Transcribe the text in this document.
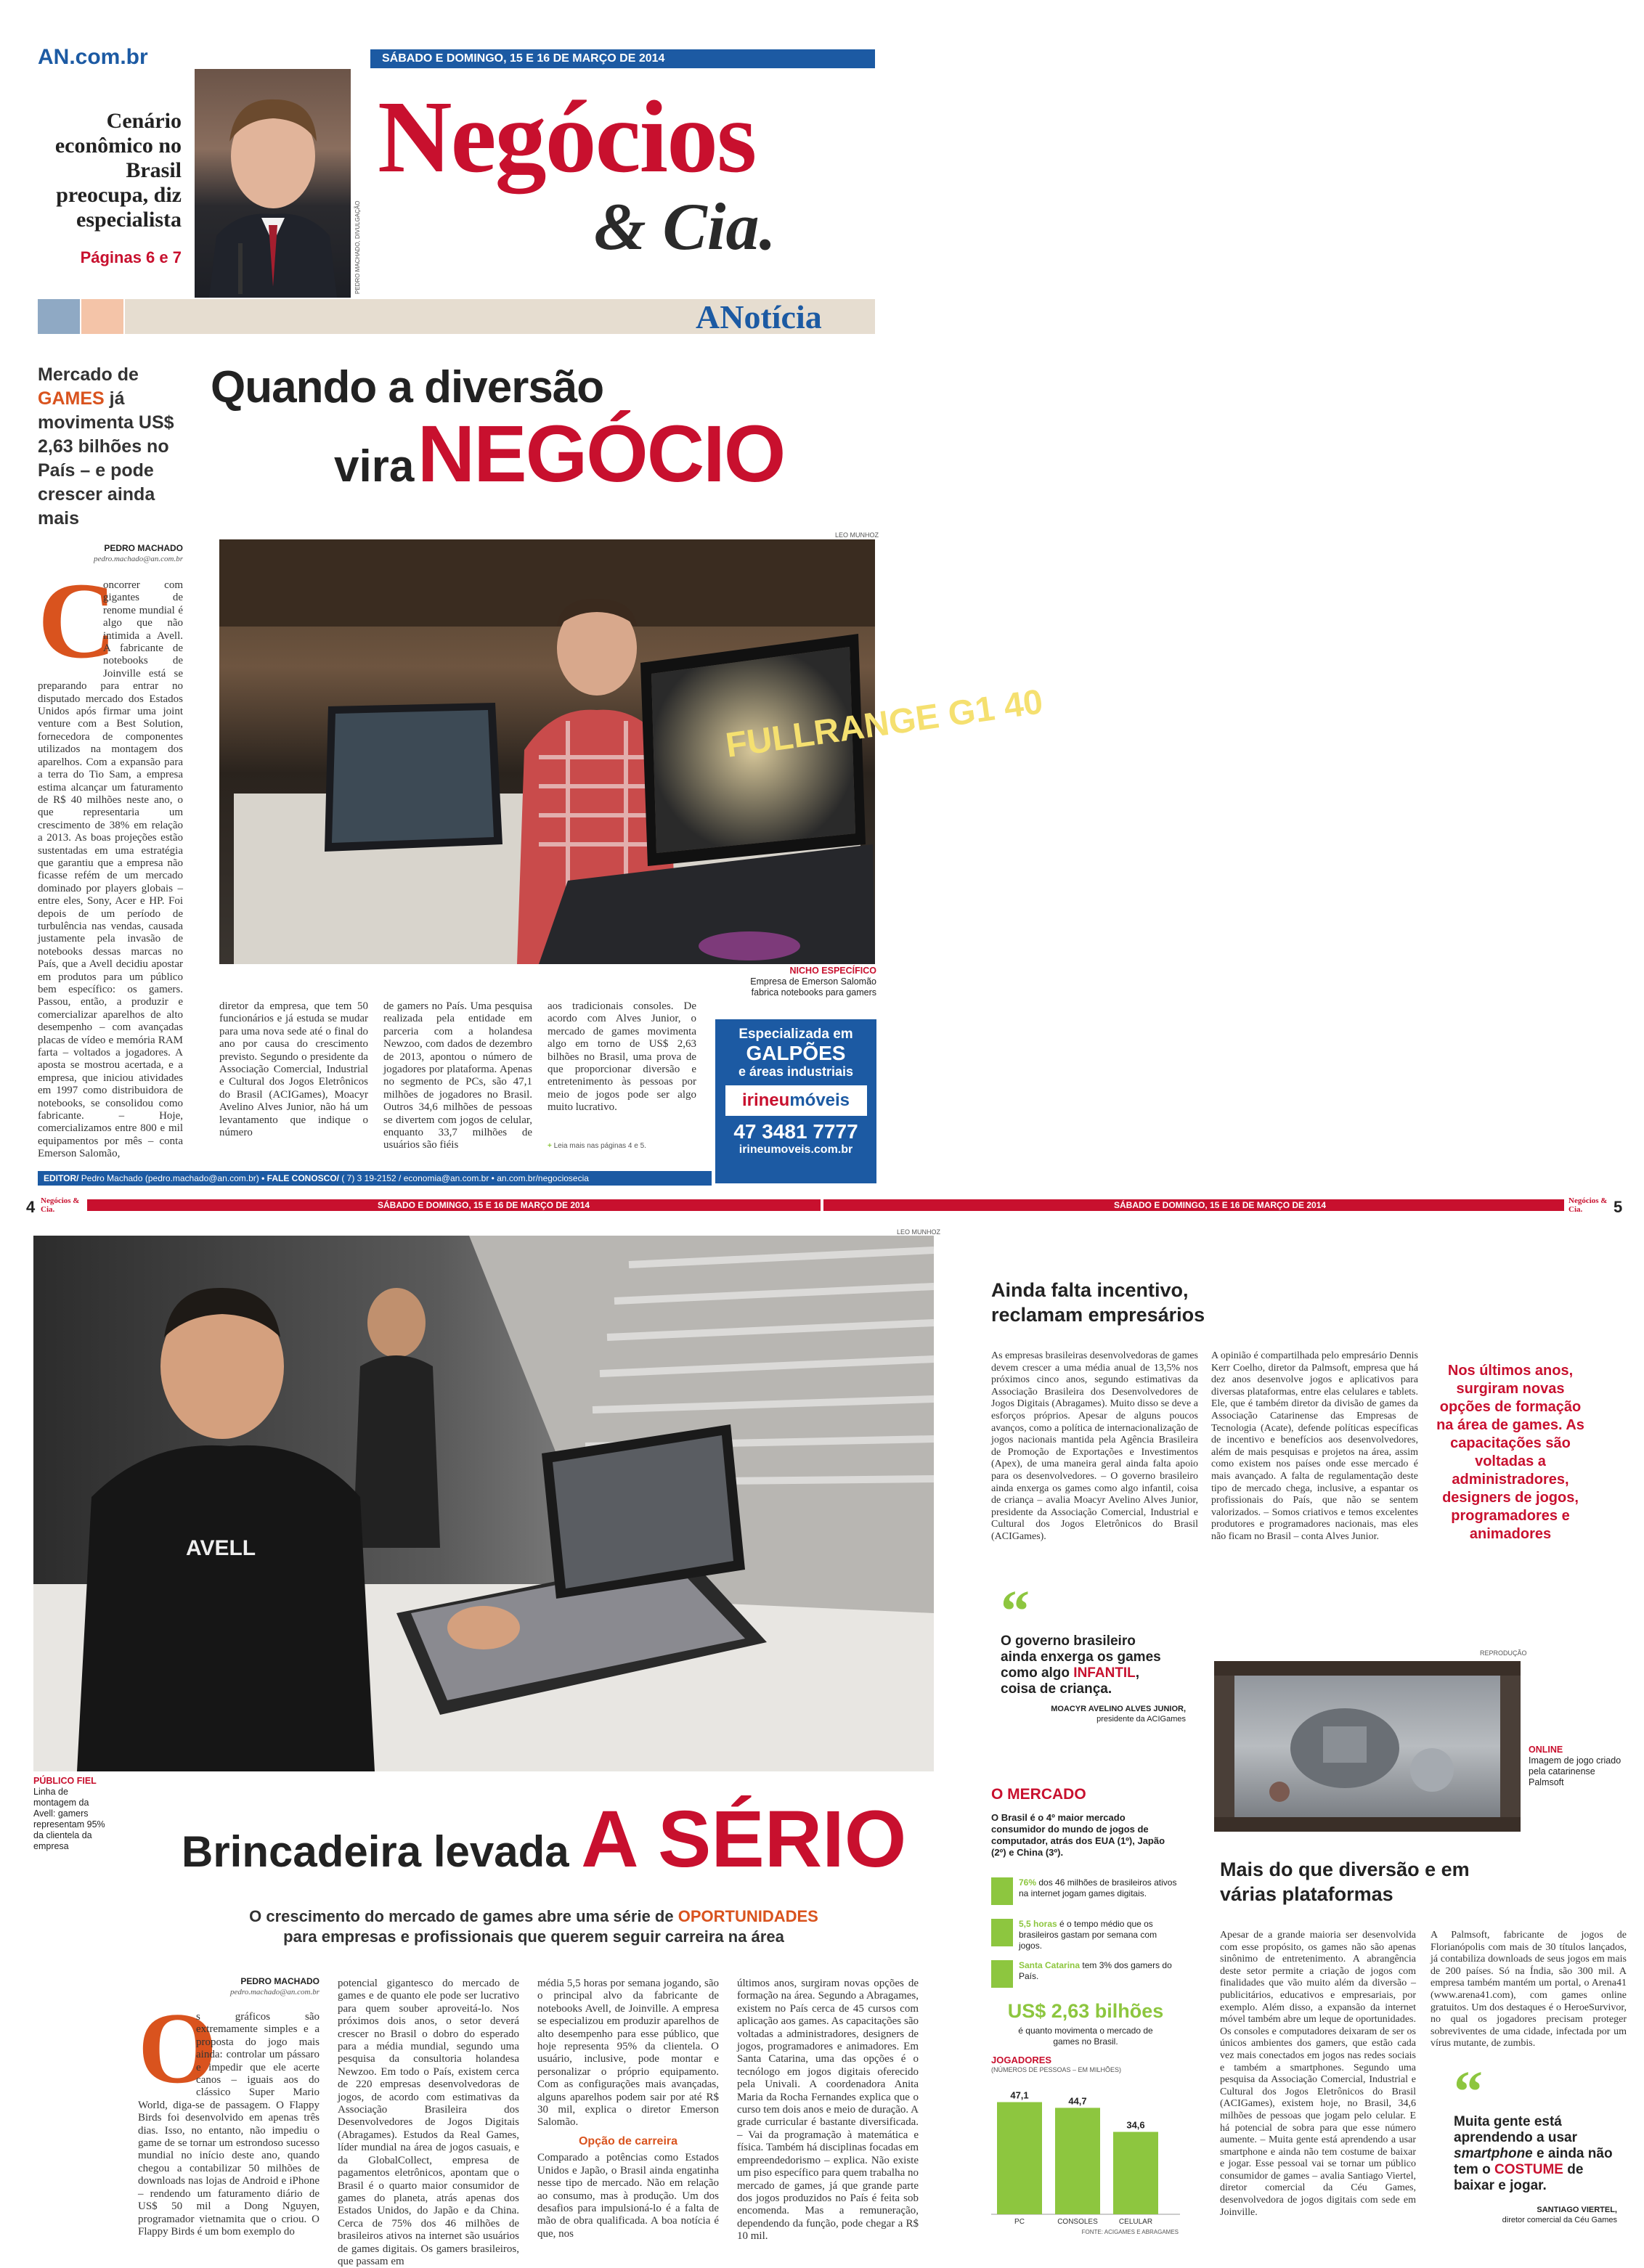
AN.com.br	SÁBADO E DOMINGO, 15 E 16 DE MARÇO DE 2014
Cenário econômico no Brasil preocupa, diz especialista
Páginas 6 e 7	PEDRO MACHADO, DIVULGAÇÃO
Negócios
& Cia.
ANotícia
Mercado de GAMES já movimenta US$ 2,63 bilhões no País – e pode crescer ainda mais
Quando a diversão
vira NEGÓCIO
PEDRO MACHADO
pedro.machado@an.com.br
C
oncorrer com gigantes de renome mundial é algo que não intimida a Avell. A fabricante de notebooks de Joinville está se preparando para entrar no disputado mercado dos Estados Unidos após firmar uma joint venture com a Best Solution, fornecedora de componentes utilizados na montagem dos aparelhos. Com a expansão para a terra do Tio Sam, a empresa estima alcançar um faturamento de R$ 40 milhões neste ano, o que representaria um crescimento de 38% em relação a 2013. As boas projeções estão sustentadas em uma estratégia que garantiu que a empresa não ficasse refém de um mercado dominado por players globais – entre eles, Sony, Acer e HP. Foi depois de um período de turbulência nas vendas, causada justamente pela invasão de notebooks dessas marcas no País, que a Avell decidiu apostar em produtos para um público bem específico: os gamers. Passou, então, a produzir e comercializar aparelhos de alto desempenho – com avançadas placas de vídeo e memória RAM farta – voltados a jogadores. A aposta se mostrou acertada, e a empresa, que iniciou atividades em 1997 como distribuidora de notebooks, se consolidou como fabricante. – Hoje, comercializamos entre 800 e mil equipamentos por mês – conta Emerson Salomão,
LEO MUNHOZ
FULLRANGE G1 40
NICHO ESPECÍFICO
Empresa de Emerson Salomão fabrica notebooks para gamers
diretor da empresa, que tem 50 funcionários e já estuda se mudar para uma nova sede até o final do ano por causa do crescimento previsto. Segundo o presidente da Associação Comercial, Industrial e Cultural dos Jogos Eletrônicos do Brasil (ACIGames), Moacyr Avelino Alves Junior, não há um levantamento que indique o número
de gamers no País. Uma pesquisa realizada pela entidade em parceria com a holandesa Newzoo, com dados de dezembro de 2013, apontou o número de jogadores por plataforma. Apenas no segmento de PCs, são 47,1 milhões de jogadores no Brasil. Outros 34,6 milhões de pessoas se divertem com jogos de celular, enquanto 33,7 milhões de usuários são fiéis
aos tradicionais consoles. De acordo com Alves Junior, o mercado de games movimenta algo em torno de US$ 2,63 bilhões no Brasil, uma prova de que proporcionar diversão e entretenimento às pessoas por meio de jogos pode ser algo muito lucrativo.
+ Leia mais nas páginas 4 e 5.
Especializada em
GALPÕES
e áreas industriais
irineumóveis
47 3481 7777
irineumoveis.com.br
EDITOR/ Pedro Machado (pedro.machado@an.com.br) • FALE CONOSCO/ ( 7) 3 19-2152 / economia@an.com.br • an.com.br/negociosecia
4 Negócios & Cia.	SÁBADO E DOMINGO, 15 E 16 DE MARÇO DE 2014	SÁBADO E DOMINGO, 15 E 16 DE MARÇO DE 2014	Negócios & Cia.	5
LEO MUNHOZ
AVELL
PÚBLICO FIEL
Linha de montagem da Avell: gamers representam 95% da clientela da empresa	Brincadeira levada A SÉRIO
O crescimento do mercado de games abre uma série de OPORTUNIDADES para empresas e profissionais que querem seguir carreira na área
PEDRO MACHADO
pedro.machado@an.com.br
O
s gráficos são extremamente simples e a proposta do jogo mais ainda: controlar um pássaro e impedir que ele acerte canos – iguais aos do clássico Super Mario World, diga-se de passagem. O Flappy Birds foi desenvolvido em apenas três dias. Isso, no entanto, não impediu o game de se tornar um estrondoso sucesso mundial no início deste ano, quando chegou a contabilizar 50 milhões de downloads nas lojas de Android e iPhone – rendendo um faturamento diário de US$ 50 mil a Dong Nguyen, programador vietnamita que o criou. O Flappy Birds é um bom exemplo do
potencial gigantesco do mercado de games e de quanto ele pode ser lucrativo para quem souber aproveitá-lo. Nos próximos dois anos, o setor deverá crescer no Brasil o dobro do esperado para a média mundial, segundo uma pesquisa da consultoria holandesa Newzoo. Em todo o País, existem cerca de 220 empresas desenvolvedoras de jogos, de acordo com estimativas da Associação Brasileira dos Desenvolvedores de Jogos Digitais (Abragames). Estudos da Real Games, líder mundial na área de jogos casuais, e da GlobalCollect, empresa de pagamentos eletrônicos, apontam que o Brasil é o quarto maior consumidor de games do planeta, atrás apenas dos Estados Unidos, do Japão e da China. Cerca de 75% dos 46 milhões de brasileiros ativos na internet são usuários de games digitais. Os gamers brasileiros, que passam em
média 5,5 horas por semana jogando, são o principal alvo da fabricante de notebooks Avell, de Joinville. A empresa se especializou em produzir aparelhos de alto desempenho para esse público, que hoje representa 95% da clientela. O usuário, inclusive, pode montar e personalizar o próprio equipamento. Com as configurações mais avançadas, alguns aparelhos podem sair por até R$ 30 mil, explica o diretor Emerson Salomão.
Opção de carreira
Comparado a potências como Estados Unidos e Japão, o Brasil ainda engatinha nesse tipo de mercado. Não em relação ao consumo, mas à produção. Um dos desafios para impulsioná-lo é a falta de mão de obra qualificada. A boa notícia é que, nos
últimos anos, surgiram novas opções de formação na área. Segundo a Abragames, existem no País cerca de 45 cursos com aplicação aos games. As capacitações são voltadas a administradores, designers de jogos, programadores e animadores. Em Santa Catarina, uma das opções é o tecnólogo em jogos digitais oferecido pela Univali. A coordenadora Anita Maria da Rocha Fernandes explica que o curso tem dois anos e meio de duração. A grade curricular é bastante diversificada. – Vai da programação à matemática e física. Também há disciplinas focadas em empreendedorismo – explica. Não existe um piso específico para quem trabalha no mercado de games, já que grande parte dos jogos produzidos no País é feita sob encomenda. Mas a remuneração, dependendo da função, pode chegar a R$ 10 mil.
Ainda falta incentivo, reclamam empresários
As empresas brasileiras desenvolvedoras de games devem crescer a uma média anual de 13,5% nos próximos cinco anos, segundo estimativas da Associação Brasileira dos Desenvolvedores de Jogos Digitais (Abragames). Muito disso se deve a esforços próprios. Apesar de alguns poucos avanços, como a política de internacionalização de jogos nacionais mantida pela Agência Brasileira de Promoção de Exportações e Investimentos (Apex), de uma maneira geral ainda falta apoio para os desenvolvedores. – O governo brasileiro ainda enxerga os games como algo infantil, coisa de criança – avalia Moacyr Avelino Alves Junior, presidente da Associação Comercial, Industrial e Cultural dos Jogos Eletrônicos do Brasil (ACIGames).
A opinião é compartilhada pelo empresário Dennis Kerr Coelho, diretor da Palmsoft, empresa que há dez anos desenvolve jogos e aplicativos para diversas plataformas, entre elas celulares e tablets. Ele, que é também diretor da divisão de games da Associação Catarinense das Empresas de Tecnologia (Acate), defende políticas específicas de incentivo e benefícios aos desenvolvedores, além de mais pesquisas e projetos na área, assim como existem nos países onde esse mercado é mais avançado. A falta de regulamentação deste tipo de mercado chega, inclusive, a espantar os profissionais do País, que não se sentem valorizados. – Somos criativos e temos excelentes produtores e programadores nacionais, mas eles não ficam no Brasil – conta Alves Junior.
Nos últimos anos, surgiram novas opções de formação na área de games. As capacitações são voltadas a administradores, designers de jogos, programadores e animadores
“
O governo brasileiro ainda enxerga os games como algo INFANTIL, coisa de criança.
MOACYR AVELINO ALVES JUNIOR,
presidente da ACIGames
REPRODUÇÃO
ONLINE
Imagem de jogo criado pela catarinense Palmsoft
O MERCADO
O Brasil é o 4º maior mercado consumidor do mundo de jogos de computador, atrás dos EUA (1º), Japão (2º) e China (3º).
76% dos 46 milhões de brasileiros ativos na internet jogam games digitais.
5,5 horas é o tempo médio que os brasileiros gastam por semana com jogos.
Santa Catarina tem 3% dos gamers do País.
US$ 2,63 bilhões
é quanto movimenta o mercado de games no Brasil.
JOGADORES
(NÚMEROS DE PESSOAS – EM MILHÕES)
47,1
PC
44,7
CONSOLES
34,6
CELULAR
FONTE: ACIGAMES E ABRAGAMES
Mais do que diversão e em várias plataformas
Apesar de a grande maioria ser desenvolvida com esse propósito, os games não são apenas sinônimo de entretenimento. A abrangência deste setor permite a criação de jogos com finalidades que vão muito além da diversão – publicitários, educativos e empresariais, por exemplo. Além disso, a expansão da internet móvel também abre um leque de oportunidades. Os consoles e computadores deixaram de ser os únicos ambientes dos gamers, que estão cada vez mais conectados em jogos nas redes sociais e também a smartphones. Segundo uma pesquisa da Associação Comercial, Industrial e Cultural dos Jogos Eletrônicos do Brasil (ACIGames), existem hoje, no Brasil, 34,6 milhões de pessoas que jogam pelo celular. E há potencial de sobra para que esse número aumente. – Muita gente está aprendendo a usar smartphone e ainda não tem costume de baixar e jogar. Esse pessoal vai se tornar um público consumidor de games – avalia Santiago Viertel, diretor comercial da Céu Games, desenvolvedora de jogos digitais com sede em Joinville.
A Palmsoft, fabricante de jogos de Florianópolis com mais de 30 títulos lançados, já contabiliza downloads de seus jogos em mais de 200 países. Só na Índia, são 300 mil. A empresa também mantém um portal, o Arena41 (www.arena41.com), com games online gratuitos. Um dos destaques é o HeroeSurvivor, no qual os jogadores precisam proteger sobreviventes de uma cidade, infectada por um vírus mutante, de zumbis.
“
Muita gente está aprendendo a usar smartphone e ainda não tem o COSTUME de baixar e jogar.
SANTIAGO VIERTEL,
diretor comercial da Céu Games
